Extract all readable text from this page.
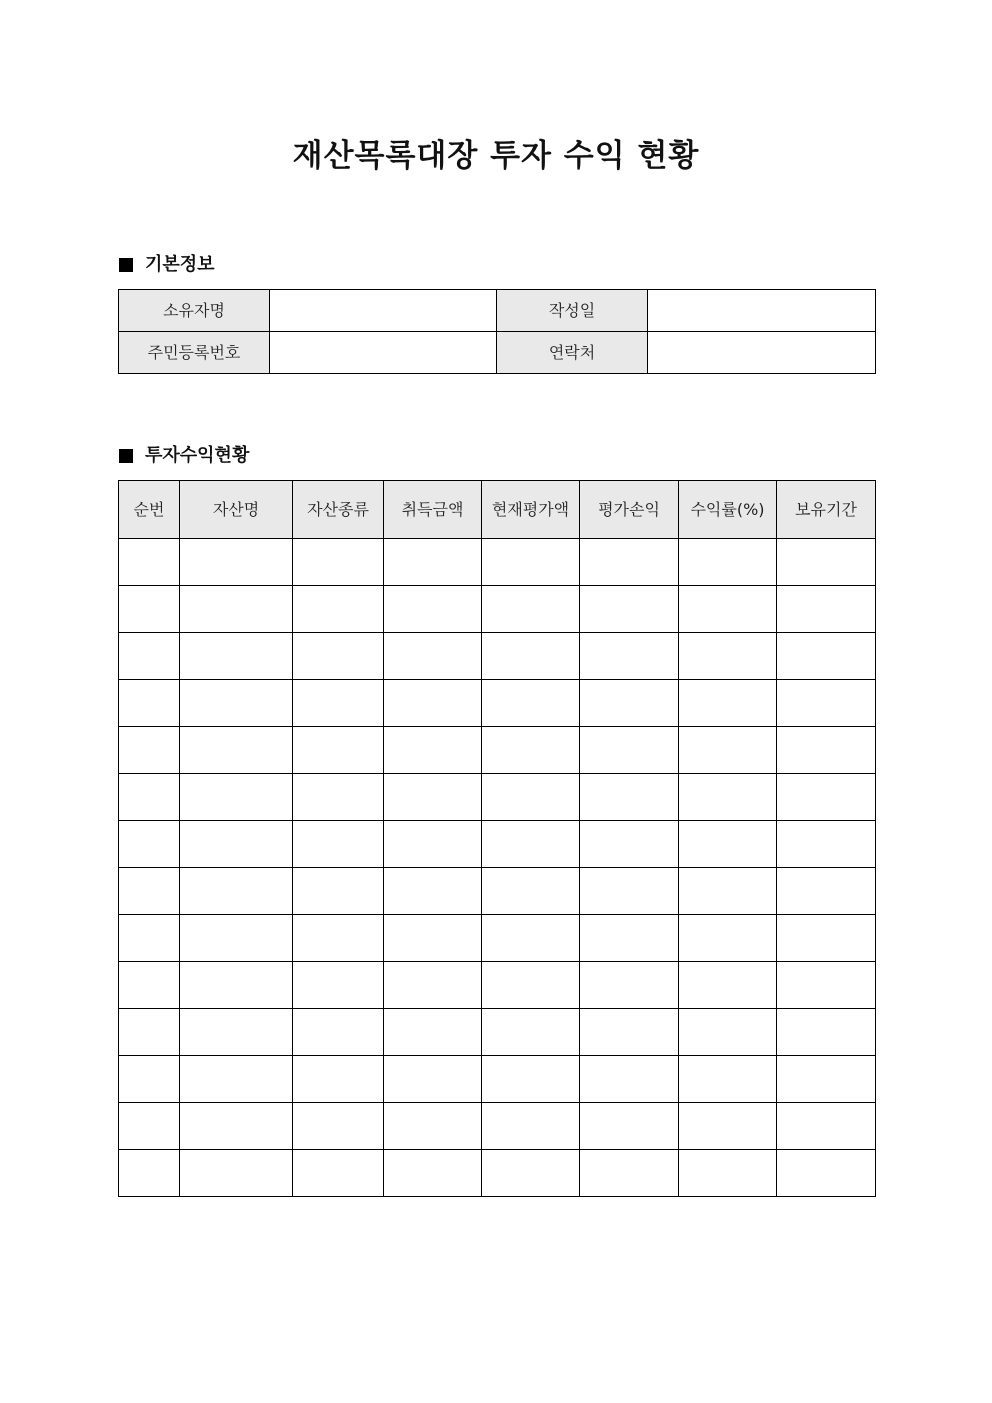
재산목록대장 투자 수익 현황
기본정보
소유자명		작성일	
주민등록번호		연락처	
투자수익현황
순번	자산명	자산종류	취득금액	현재평가액	평가손익	수익률(%)	보유기간
